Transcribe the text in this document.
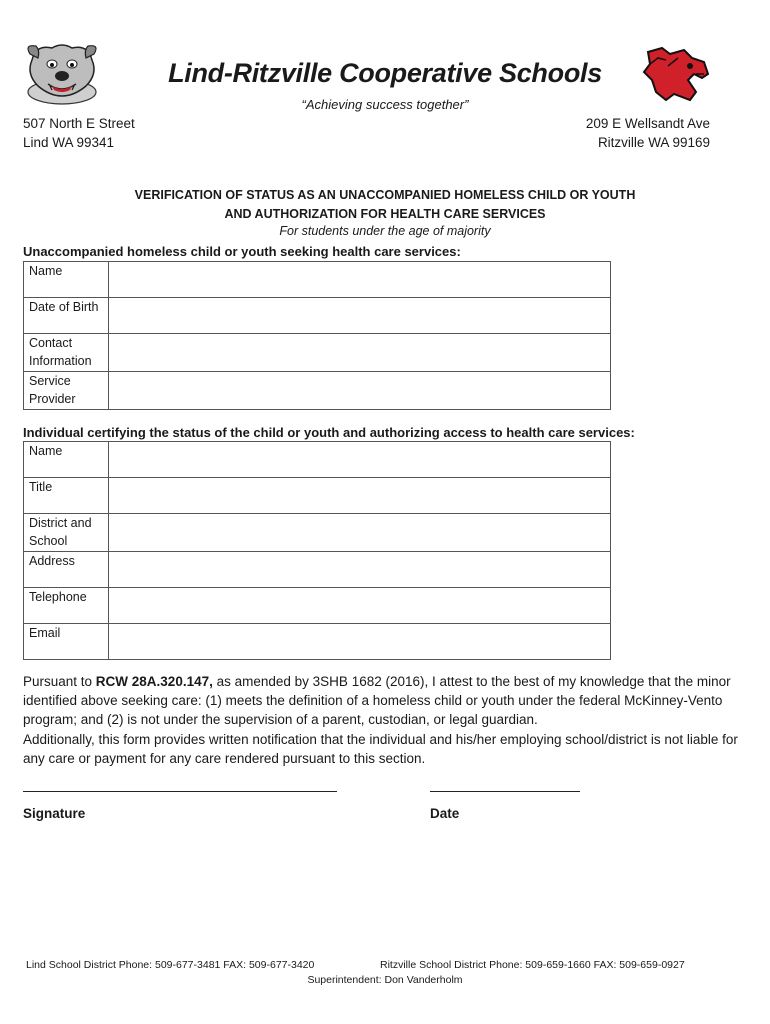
Lind-Ritzville Cooperative Schools
“Achieving success together”
507 North E Street
Lind WA 99341
209 E Wellsandt Ave
Ritzville WA 99169
VERIFICATION OF STATUS AS AN UNACCOMPANIED HOMELESS CHILD OR YOUTH
AND AUTHORIZATION FOR HEALTH CARE SERVICES
For students under the age of majority
Unaccompanied homeless child or youth seeking health care services:
Name	
Date of Birth	
Contact Information	
Service Provider	
Individual certifying the status of the child or youth and authorizing access to health care services:
Name	
Title	
District and School	
Address	
Telephone	
Email	
Pursuant to RCW 28A.320.147, as amended by 3SHB 1682 (2016), I attest to the best of my knowledge that the minor identified above seeking care: (1) meets the definition of a homeless child or youth under the federal McKinney-Vento program; and (2) is not under the supervision of a parent, custodian, or legal guardian.
Additionally, this form provides written notification that the individual and his/her employing school/district is not liable for any care or payment for any care rendered pursuant to this section.
Signature	Date
Lind School District Phone: 509-677-3481 FAX: 509-677-3420	Ritzville School District Phone: 509-659-1660 FAX: 509-659-0927
Superintendent: Don Vanderholm
